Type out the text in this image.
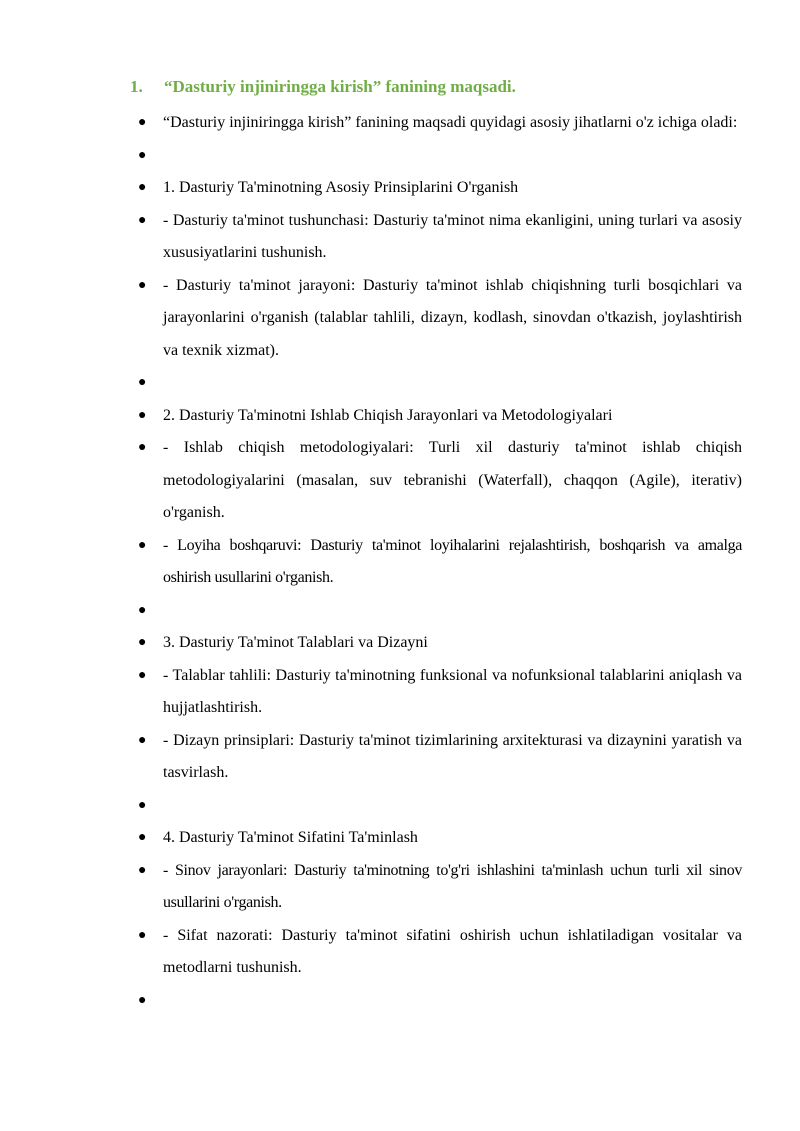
1. “Dasturiy injiniringga kirish” fanining maqsadi.
● “Dasturiy injiniringga kirish” fanining maqsadi quyidagi asosiy jihatlarni o'z ichiga oladi:
●
● 1. Dasturiy Ta'minotning Asosiy Prinsiplarini O'rganish
● - Dasturiy ta'minot tushunchasi: Dasturiy ta'minot nima ekanligini, uning turlari va asosiy xususiyatlarini tushunish.
● - Dasturiy ta'minot jarayoni: Dasturiy ta'minot ishlab chiqishning turli bosqichlari va jarayonlarini o'rganish (talablar tahlili, dizayn, kodlash, sinovdan o'tkazish, joylashtirish va texnik xizmat).
●
● 2. Dasturiy Ta'minotni Ishlab Chiqish Jarayonlari va Metodologiyalari
● - Ishlab chiqish metodologiyalari: Turli xil dasturiy ta'minot ishlab chiqish metodologiyalarini (masalan, suv tebranishi (Waterfall), chaqqon (Agile), iterativ) o'rganish.
● - Loyiha boshqaruvi: Dasturiy ta'minot loyihalarini rejalashtirish, boshqarish va amalga oshirish usullarini o'rganish.
●
● 3. Dasturiy Ta'minot Talablari va Dizayni
● - Talablar tahlili: Dasturiy ta'minotning funksional va nofunksional talablarini aniqlash va hujjatlashtirish.
● - Dizayn prinsiplari: Dasturiy ta'minot tizimlarining arxitekturasi va dizaynini yaratish va tasvirlash.
●
● 4. Dasturiy Ta'minot Sifatini Ta'minlash
● - Sinov jarayonlari: Dasturiy ta'minotning to'g'ri ishlashini ta'minlash uchun turli xil sinov usullarini o'rganish.
● - Sifat nazorati: Dasturiy ta'minot sifatini oshirish uchun ishlatiladigan vositalar va metodlarni tushunish.
●
